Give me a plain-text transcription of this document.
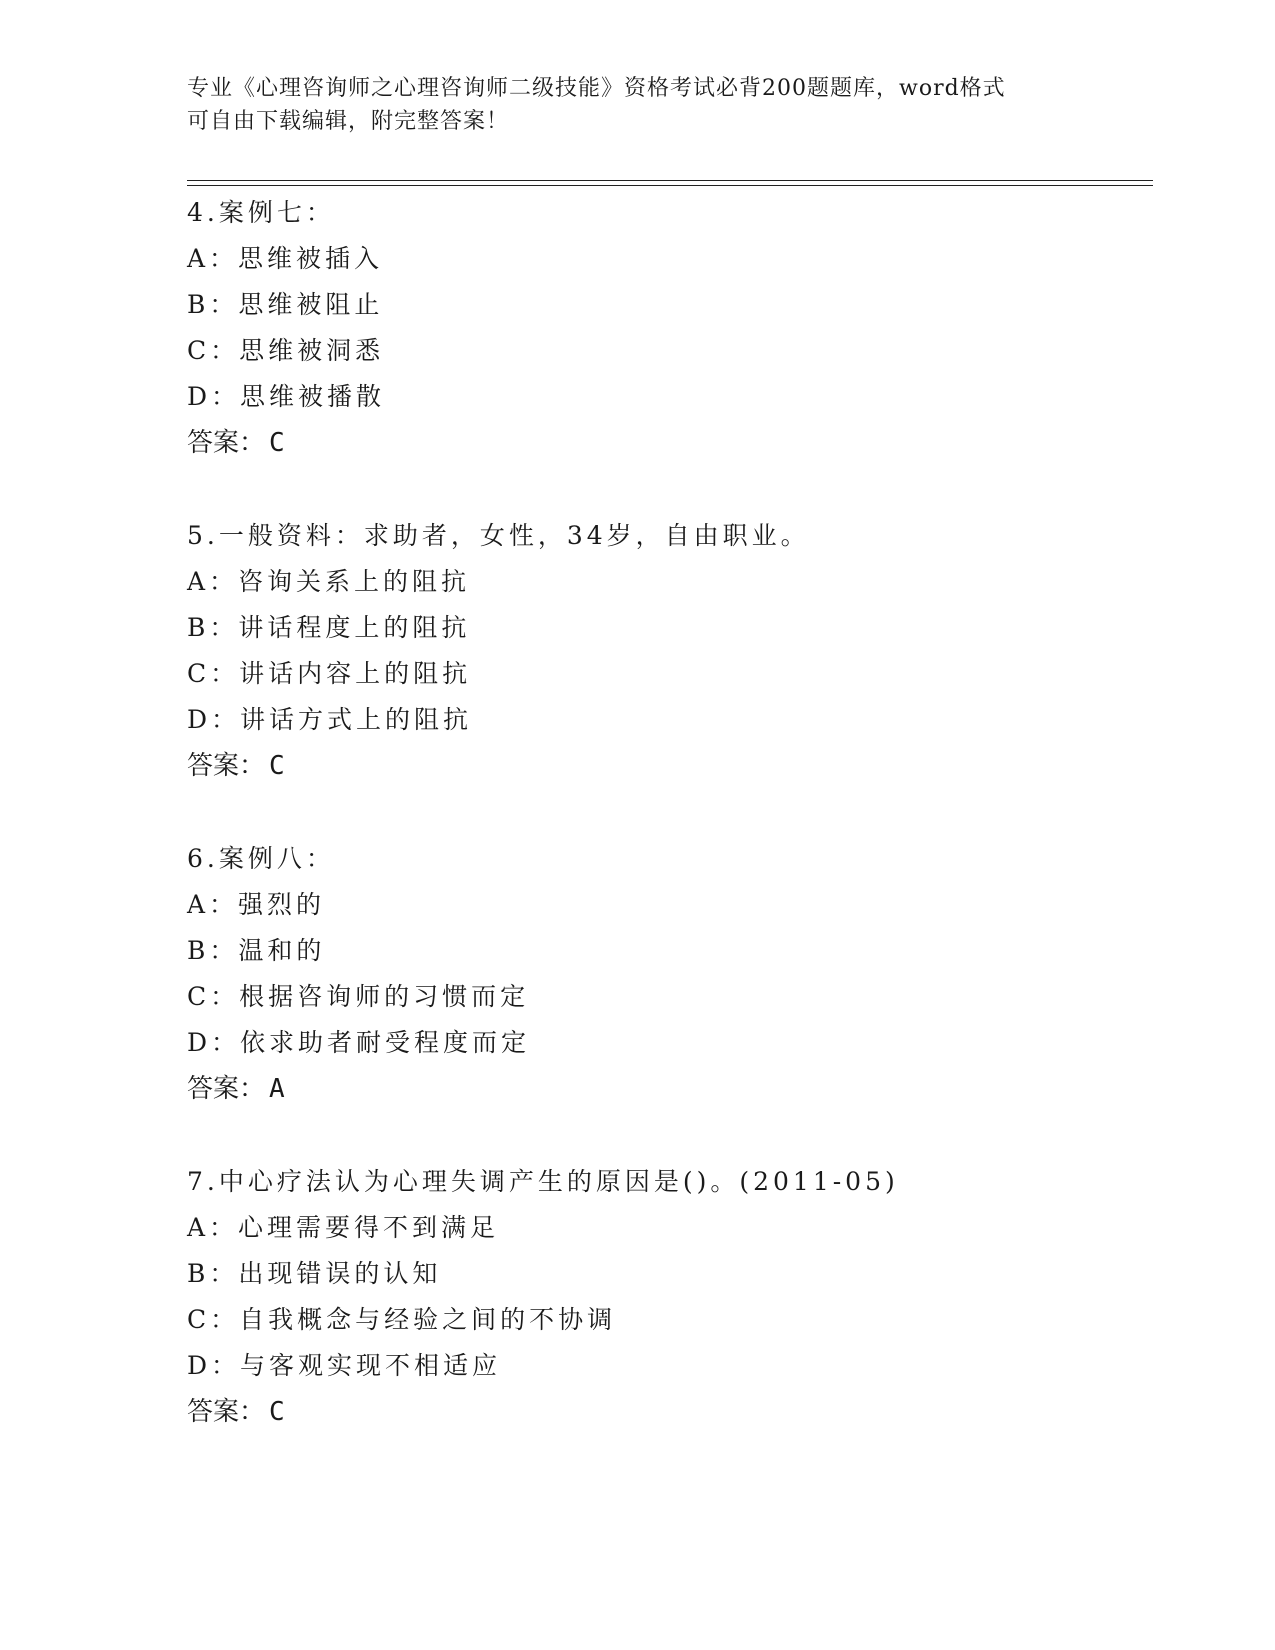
专业《心理咨询师之心理咨询师二级技能》资格考试必背200题题库，word格式
可自由下载编辑，附完整答案！
4.案例七：
A：思维被插入
B：思维被阻止
C：思维被洞悉
D：思维被播散
答案： C
5.一般资料：求助者，女性，34岁，自由职业。
A：咨询关系上的阻抗
B：讲话程度上的阻抗
C：讲话内容上的阻抗
D：讲话方式上的阻抗
答案： C
6.案例八：
A：强烈的
B：温和的
C：根据咨询师的习惯而定
D：依求助者耐受程度而定
答案： A
7.中心疗法认为心理失调产生的原因是()。(2011-05)
A：心理需要得不到满足
B：出现错误的认知
C：自我概念与经验之间的不协调
D：与客观实现不相适应
答案： C
